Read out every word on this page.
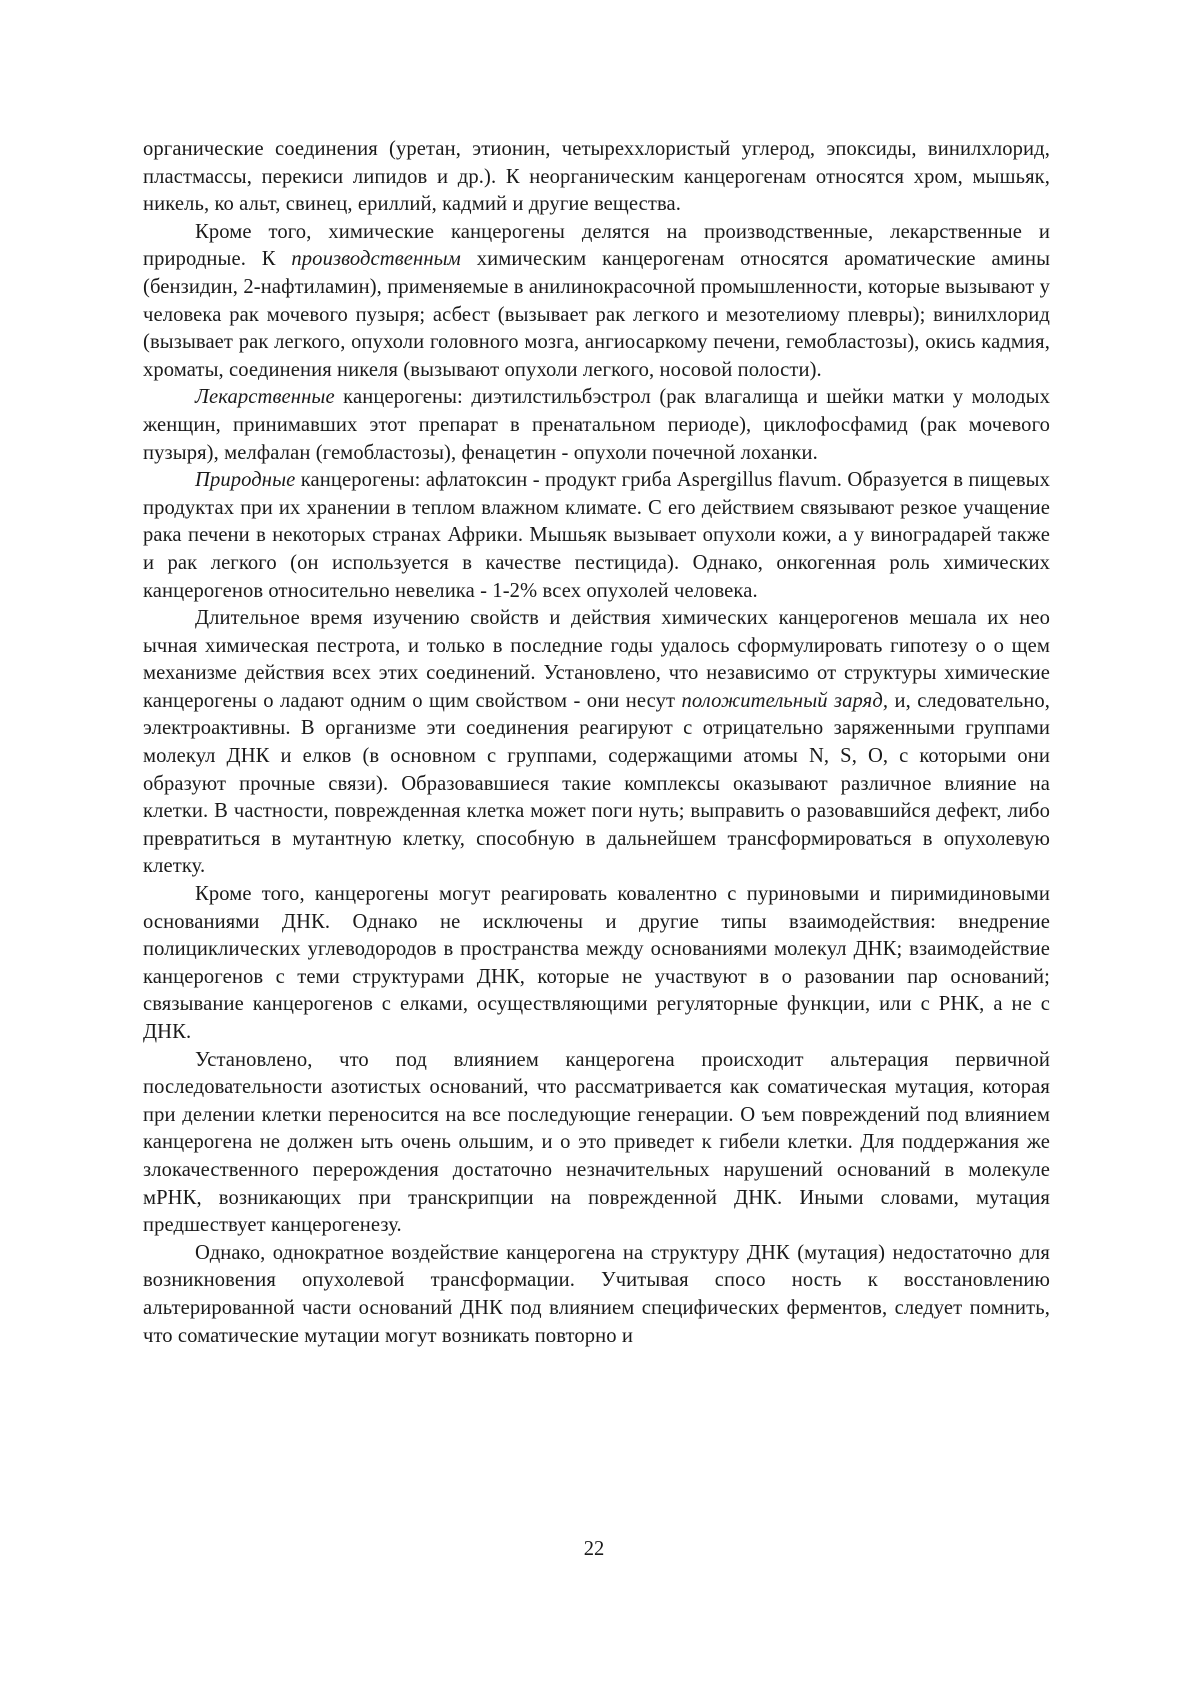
органические соединения (уретан, этионин, четыреххлористый углерод, эпоксиды, винилхлорид, пластмассы, перекиси липидов и др.). К неорганическим канцерогенам относятся хром, мышьяк, никель, ко альт, свинец, ериллий, кадмий и другие вещества.

Кроме того, химические канцерогены делятся на производственные, лекарственные и природные. К производственным химическим канцерогенам относятся ароматические амины (бензидин, 2-нафтиламин), применяемые в анилинокрасочной промышленности, которые вызывают у человека рак мочевого пузыря; асбест (вызывает рак легкого и мезотелиому плевры); винилхлорид (вызывает рак легкого, опухоли головного мозга, ангиосаркому печени, гемобластозы), окись кадмия, хроматы, соединения никеля (вызывают опухоли легкого, носовой полости).

Лекарственные канцерогены: диэтилстильбэстрол (рак влагалища и шейки матки у молодых женщин, принимавших этот препарат в пренатальном периоде), циклофосфамид (рак мочевого пузыря), мелфалан (гемобластозы), фенацетин - опухоли почечной лоханки.

Природные канцерогены: афлатоксин - продукт гриба Aspergillus flavum. Образуется в пищевых продуктах при их хранении в теплом влажном климате. С его действием связывают резкое учащение рака печени в некоторых странах Африки. Мышьяк вызывает опухоли кожи, а у виноградарей также и рак легкого (он используется в качестве пестицида). Однако, онкогенная роль химических канцерогенов относительно невелика - 1-2% всех опухолей человека.

Длительное время изучению свойств и действия химических канцерогенов мешала их нео ычная химическая пестрота, и только в последние годы удалось сформулировать гипотезу о о щем механизме действия всех этих соединений. Установлено, что независимо от структуры химические канцерогены о ладают одним о щим свойством - они несут положительный заряд, и, следовательно, электроактивны. В организме эти соединения реагируют с отрицательно заряженными группами молекул ДНК и елков (в основном с группами, содержащими атомы N, S, O, с которыми они образуют прочные связи). Образовавшиеся такие комплексы оказывают различное влияние на клетки. В частности, поврежденная клетка может поги нуть; выправить о разовавшийся дефект, либо превратиться в мутантную клетку, способную в дальнейшем трансформироваться в опухолевую клетку.

Кроме того, канцерогены могут реагировать ковалентно с пуриновыми и пиримидиновыми основаниями ДНК. Однако не исключены и другие типы взаимодействия: внедрение полициклических углеводородов в пространства между основаниями молекул ДНК; взаимодействие канцерогенов с теми структурами ДНК, которые не участвуют в о разовании пар оснований; связывание канцерогенов с елками, осуществляющими регуляторные функции, или с РНК, а не с ДНК.

Установлено, что под влиянием канцерогена происходит альтерация первичной последовательности азотистых оснований, что рассматривается как соматическая мутация, которая при делении клетки переносится на все последующие генерации. О ъем повреждений под влиянием канцерогена не должен ыть очень ольшим, и о это приведет к гибели клетки. Для поддержания же злокачественного перерождения достаточно незначительных нарушений оснований в молекуле мРНК, возникающих при транскрипции на поврежденной ДНК. Иными словами, мутация предшествует канцерогенезу.

Однако, однократное воздействие канцерогена на структуру ДНК (мутация) недостаточно для возникновения опухолевой трансформации. Учитывая спосо ность к восстановлению альтерированной части оснований ДНК под влиянием специфических ферментов, следует помнить, что соматические мутации могут возникать повторно и

22
